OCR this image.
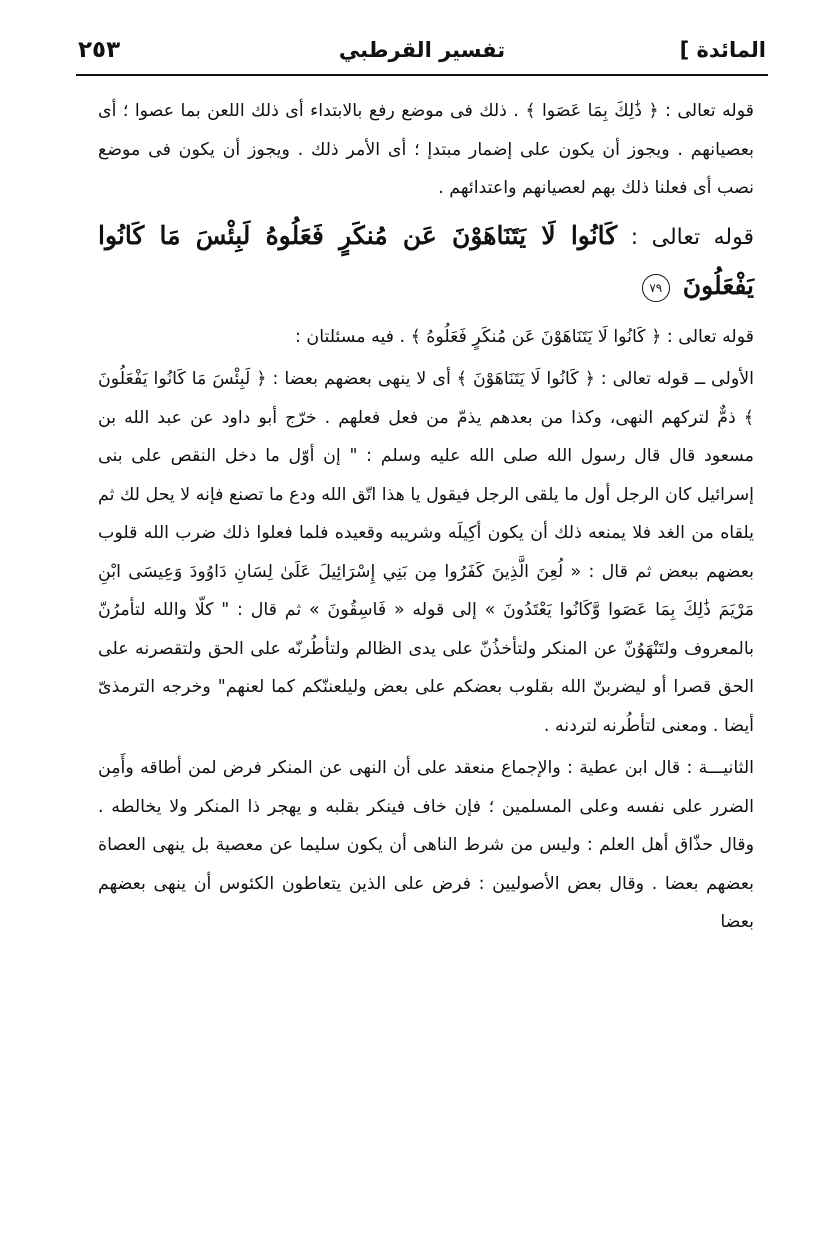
المائدة ]
تفسير القرطبي
٢٥٣

قوله تعالى : ﴿ ذَٰلِكَ بِمَا عَصَوا ﴾ . ذلك فى موضع رفع بالابتداء أى ذلك اللعن بما عصوا ؛ أى بعصيانهم . ويجوز أن يكون على إضمار مبتدإ ؛ أى الأمر ذلك . ويجوز أن يكون فى موضع نصب أى فعلنا ذلك بهم لعصيانهم واعتدائهم .

قوله تعالى : كَانُوا لَا يَتَنَاهَوْنَ عَن مُنكَرٍ فَعَلُوهُ لَبِئْسَ مَا كَانُوا يَفْعَلُونَ ٧٩

قوله تعالى : ﴿ كَانُوا لَا يَتَنَاهَوْنَ عَن مُنكَرٍ فَعَلُوهُ ﴾ . فيه مسئلتان :

الأولى ــ قوله تعالى : ﴿ كَانُوا لَا يَتَنَاهَوْنَ ﴾ أى لا ينهى بعضهم بعضا : ﴿ لَبِئْسَ مَا كَانُوا يَفْعَلُونَ ﴾ ذمٌّ لتركهم النهى، وكذا من بعدهم يذمّ من فعل فعلهم . خرّج أبو داود عن عبد الله بن مسعود قال قال رسول الله صلى الله عليه وسلم : " إن أوّل ما دخل النقص على بنى إسرائيل كان الرجل أول ما يلقى الرجل فيقول يا هذا اتّق الله ودع ما تصنع فإنه لا يحل لك ثم يلقاه من الغد فلا يمنعه ذلك أن يكون أكِيلَه وشريبه وقعيده فلما فعلوا ذلك ضرب الله قلوب بعضهم ببعض ثم قال : « لُعِنَ الَّذِينَ كَفَرُوا مِن بَنِي إِسْرَائِيلَ عَلَىٰ لِسَانِ دَاوُودَ وَعِيسَى ابْنِ مَرْيَمَ ذَٰلِكَ بِمَا عَصَوا وَّكَانُوا يَعْتَدُونَ » إلى قوله « فَاسِقُونَ » ثم قال : " كلّا والله لتأمرُنّ بالمعروف ولتَنْهَوُنّ عن المنكر ولتأخذُنّ على يدى الظالم ولتأطُرنّه على الحق ولتقصرنه على الحق قصرا أو ليضربنّ الله بقلوب بعضكم على بعض وليلعننّكم كما لعنهم" وخرجه الترمذىّ أيضا . ومعنى لتأطُرنه لتردنه .

الثانيـــة : قال ابن عطية : والإجماع منعقد على أن النهى عن المنكر فرض لمن أطاقه وأَمِن الضرر على نفسه وعلى المسلمين ؛ فإن خاف فينكر بقلبه و يهجر ذا المنكر ولا يخالطه . وقال حذّاق أهل العلم : وليس من شرط الناهى أن يكون سليما عن معصية بل ينهى العصاة بعضهم بعضا . وقال بعض الأصوليين : فرض على الذين يتعاطون الكئوس أن ينهى بعضهم بعضا
